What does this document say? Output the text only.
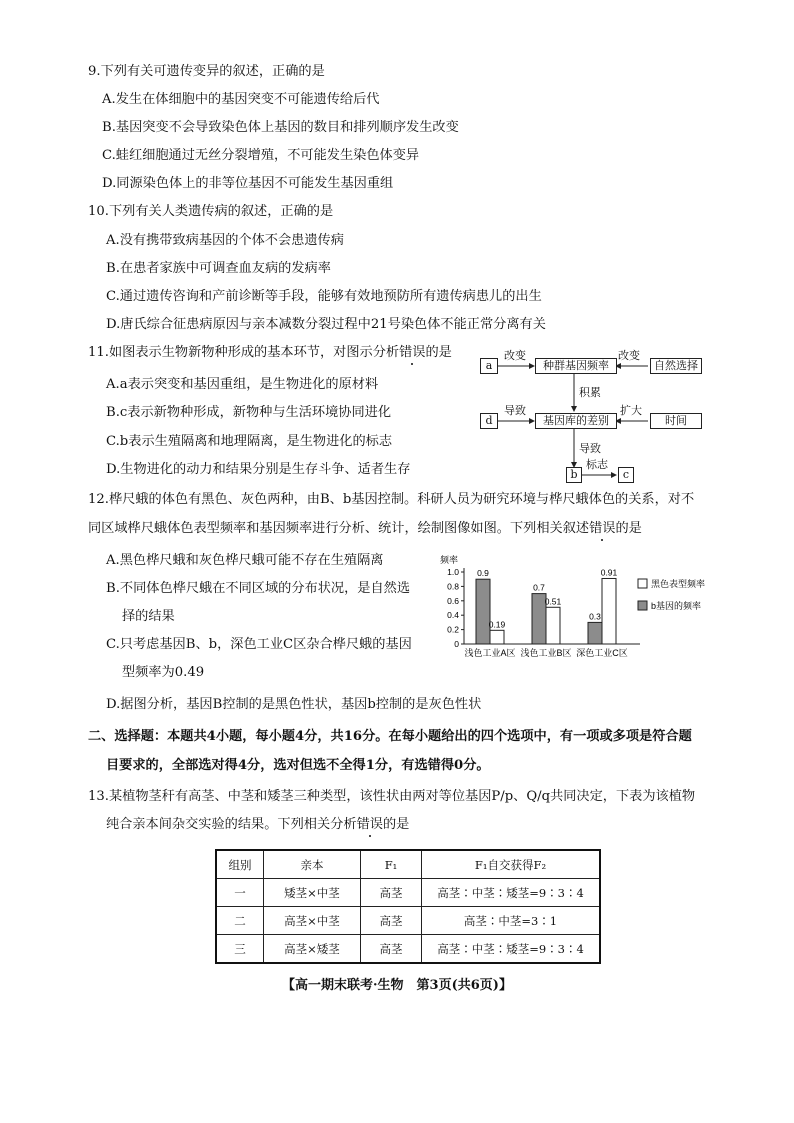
9.下列有关可遗传变异的叙述，正确的是
A.发生在体细胞中的基因突变不可能遗传给后代
B.基因突变不会导致染色体上基因的数目和排列顺序发生改变
C.蛙红细胞通过无丝分裂增殖，不可能发生染色体变异
D.同源染色体上的非等位基因不可能发生基因重组
10.下列有关人类遗传病的叙述，正确的是
A.没有携带致病基因的个体不会患遗传病
B.在患者家族中可调查血友病的发病率
C.通过遗传咨询和产前诊断等手段，能够有效地预防所有遗传病患儿的出生
D.唐氏综合征患病原因与亲本减数分裂过程中21号染色体不能正常分离有关
11.如图表示生物新物种形成的基本环节，对图示分析错误的是
A.a表示突变和基因重组，是生物进化的原材料
B.c表示新物种形成，新物种与生活环境协同进化
C.b表示生殖隔离和地理隔离，是生物进化的标志
D.生物进化的动力和结果分别是生存斗争、适者生存
a	种群基因频率	自然选择
d	基因库的差别	时间
b	c
改变	改变
积累
导致	扩大
导致
标志
12.桦尺蛾的体色有黑色、灰色两种，由B、b基因控制。科研人员为研究环境与桦尺蛾体色的关系，对不
同区域桦尺蛾体色表型频率和基因频率进行分析、统计，绘制图像如图。下列相关叙述错误的是
A.黑色桦尺蛾和灰色桦尺蛾可能不存在生殖隔离
B.不同体色桦尺蛾在不同区域的分布状况，是自然选
择的结果
C.只考虑基因B、b，深色工业C区杂合桦尺蛾的基因
型频率为0.49
D.据图分析，基因B控制的是黑色性状，基因b控制的是灰色性状
频率
1.0
0.8
0.6
0.4
0.2
0
0.9
0.19
浅色工业A区
0.7
0.51
浅色工业B区
0.3
0.91
深色工业C区
黑色表型频率
b基因的频率
二、选择题：本题共4小题，每小题4分，共16分。在每小题给出的四个选项中，有一项或多项是符合题
目要求的，全部选对得4分，选对但选不全得1分，有选错得0分。
13.某植物茎秆有高茎、中茎和矮茎三种类型，该性状由两对等位基因P/p、Q/q共同决定，下表为该植物
纯合亲本间杂交实验的结果。下列相关分析错误的是
组别	亲本	F₁	F₁自交获得F₂
一	矮茎×中茎	高茎	高茎∶中茎∶矮茎=9∶3∶4
二	高茎×中茎	高茎	高茎∶中茎=3∶1
三	高茎×矮茎	高茎	高茎∶中茎∶矮茎=9∶3∶4
【高一期末联考·生物　第3页(共6页)】
